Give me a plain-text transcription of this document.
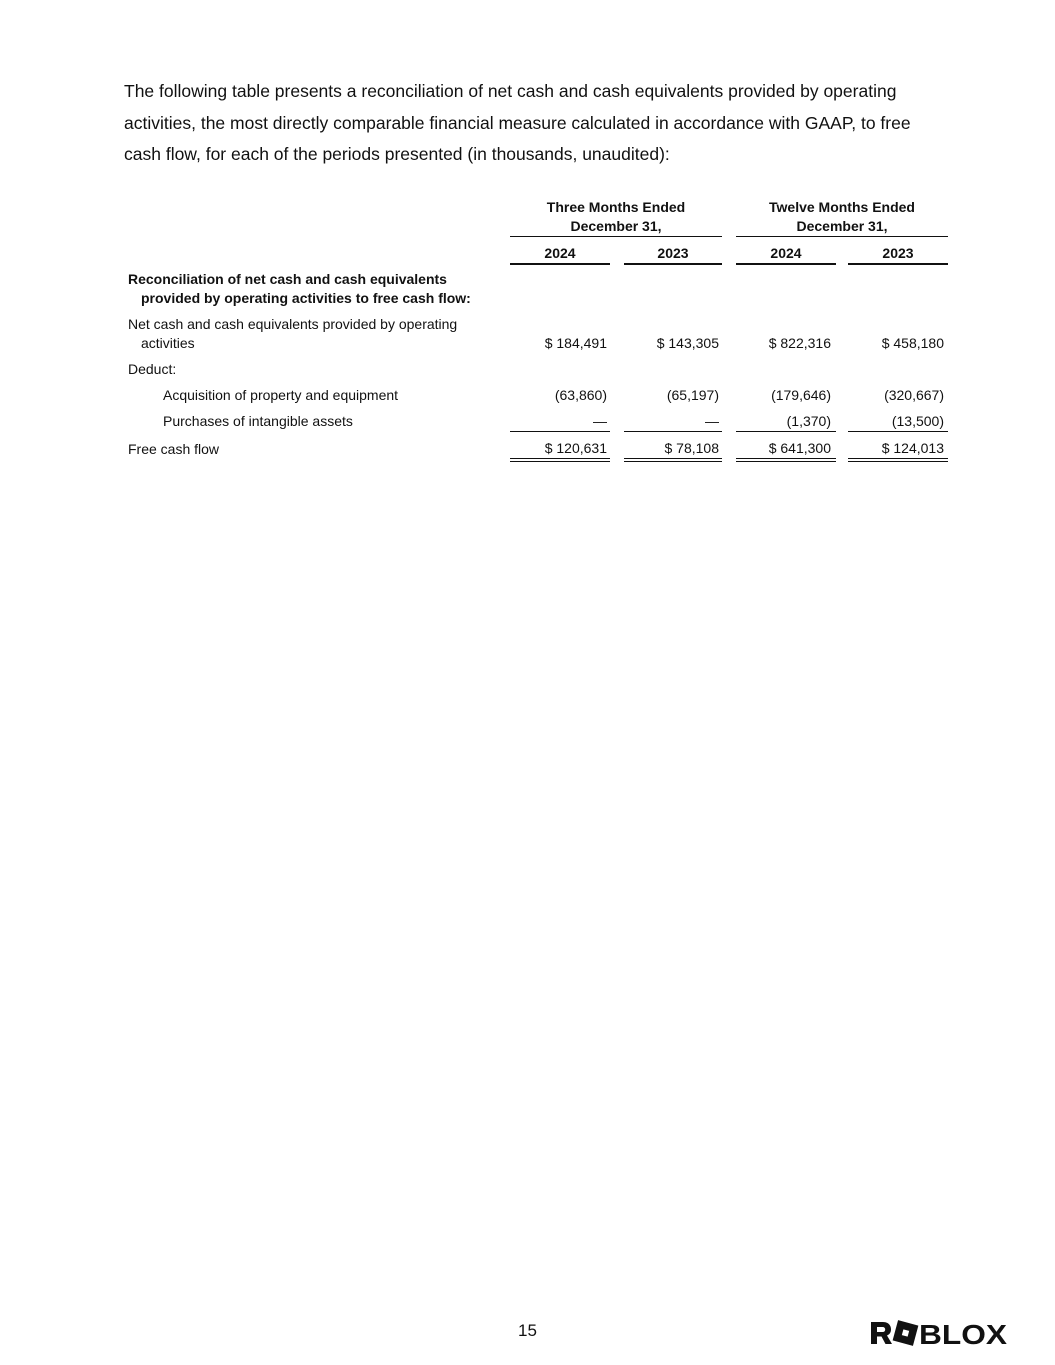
The following table presents a reconciliation of net cash and cash equivalents provided by operating activities, the most directly comparable financial measure calculated in accordance with GAAP, to free cash flow, for each of the periods presented (in thousands, unaudited):

Three Months Ended
December 31,
Twelve Months Ended
December 31,
2024	2023	2024	2023
Reconciliation of net cash and cash equivalents
provided by operating activities to free cash flow:
Net cash and cash equivalents provided by operating
activities	$ 184,491	$ 143,305	$ 822,316	$ 458,180
Deduct:
Acquisition of property and equipment	(63,860)	(65,197)	(179,646)	(320,667)
Purchases of intangible assets	—	—	(1,370)	(13,500)
Free cash flow	$ 120,631	$ 78,108	$ 641,300	$ 124,013
15	BLOX
